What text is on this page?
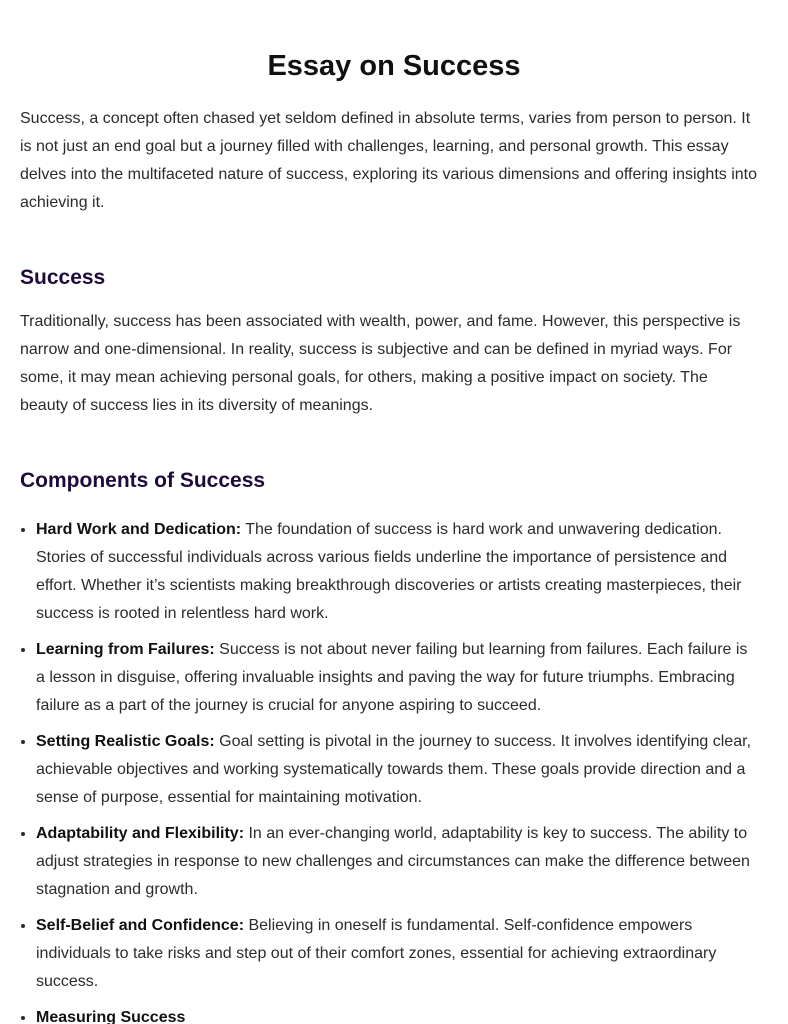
Essay on Success

Success, a concept often chased yet seldom defined in absolute terms, varies from person to person. It is not just an end goal but a journey filled with challenges, learning, and personal growth. This essay delves into the multifaceted nature of success, exploring its various dimensions and offering insights into achieving it.

Success

Traditionally, success has been associated with wealth, power, and fame. However, this perspective is narrow and one-dimensional. In reality, success is subjective and can be defined in myriad ways. For some, it may mean achieving personal goals, for others, making a positive impact on society. The beauty of success lies in its diversity of meanings.

Components of Success
• Hard Work and Dedication: The foundation of success is hard work and unwavering dedication. Stories of successful individuals across various fields underline the importance of persistence and effort. Whether it’s scientists making breakthrough discoveries or artists creating masterpieces, their success is rooted in relentless hard work.
• Learning from Failures: Success is not about never failing but learning from failures. Each failure is a lesson in disguise, offering invaluable insights and paving the way for future triumphs. Embracing failure as a part of the journey is crucial for anyone aspiring to succeed.
• Setting Realistic Goals: Goal setting is pivotal in the journey to success. It involves identifying clear, achievable objectives and working systematically towards them. These goals provide direction and a sense of purpose, essential for maintaining motivation.
• Adaptability and Flexibility: In an ever-changing world, adaptability is key to success. The ability to adjust strategies in response to new challenges and circumstances can make the difference between stagnation and growth.
• Self-Belief and Confidence: Believing in oneself is fundamental. Self-confidence empowers individuals to take risks and step out of their comfort zones, essential for achieving extraordinary success.
• Measuring Success
